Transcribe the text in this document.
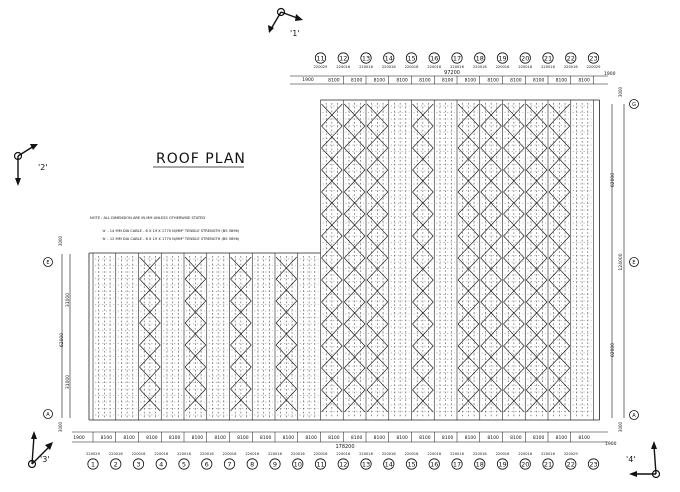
ROOF PLAN
NOTE : ALL DIMENSION ARE IN MM UNLESS OTHERWISE STATED
'a' - 14 MM DIA CABLE - 6 X 19 X 1770 N/MM² TENSILE STRENGTH (BS 5896)
'b' - 12 MM DIA CABLE - 6 X 19 X 1770 N/MM² TENSILE STRENGTH (BS 5896)
97200
1900
1900
8100	8100	8100	8100	8100	8100	8100	8100	8100	8100	8100	8100
178200
1900
1900
8100	8100	8100	8100	8100	8100	8100	8100	8100	8100	8100	8100	8100	8100	8100	8100	8100	8100	8100	8100	8100	8100
3000
62000
124000
62000
3000
3000
31000
62000
31000
3000
11 12 13 14 15 16 17 18 19 20 21 22 23
1	2	3	4	5	6	7	8	9	10 11 12 13 14 15 16 17 18 19 20 21 22 23
220029	220016	220016	220016	220016	220016	220016	220016	220016	220016	220016	220016	220029
220029	220016	220016	220016	220016	220016	220016	220016	220016	220016	220016	220016	220016	220016	220016	220016	220016	220016	220016	220016	220016	220029
G
E
A
E
A
'1'
'2'
'3'	'4'
